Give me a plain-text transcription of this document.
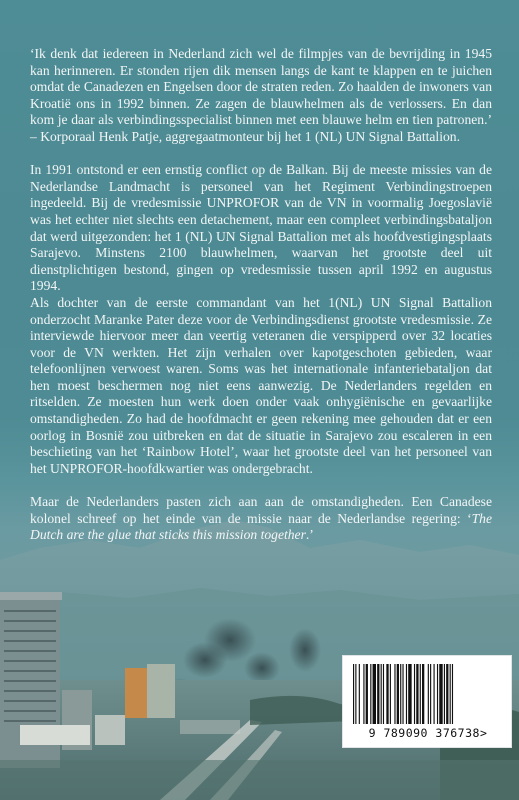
‘Ik denk dat iedereen in Nederland zich wel de filmpjes van de bevrijding in 1945 kan herinneren. Er stonden rijen dik mensen langs de kant te klappen en te juichen omdat de Canadezen en Engelsen door de straten reden. Zo haalden de inwoners van Kroatië ons in 1992 binnen. Ze zagen de blauwhelmen als de verlossers. En dan kom je daar als verbindingsspecialist binnen met een blauwe helm en tien patronen.’ – Korporaal Henk Patje, aggregaatmonteur bij het 1 (NL) UN Signal Battalion.

In 1991 ontstond er een ernstig conflict op de Balkan. Bij de meeste missies van de Nederlandse Landmacht is personeel van het Regiment Verbindingstroepen ingedeeld. Bij de vredesmissie UNPROFOR van de VN in voormalig Joegoslavië was het echter niet slechts een detachement, maar een compleet verbindingsbataljon dat werd uitgezonden: het 1 (NL) UN Signal Battalion met als hoofdvestigingsplaats Sarajevo. Minstens 2100 blauwhelmen, waarvan het grootste deel uit dienstplichtigen bestond, gingen op vredesmissie tussen april 1992 en augustus 1994.

Als dochter van de eerste commandant van het 1(NL) UN Signal Battalion onderzocht Maranke Pater deze voor de Verbindingsdienst grootste vredesmissie. Ze interviewde hiervoor meer dan veertig veteranen die verspipperd over 32 locaties voor de VN werkten. Het zijn verhalen over kapotgeschoten gebieden, waar telefoonlijnen verwoest waren. Soms was het internationale infanteriebataljon dat hen moest beschermen nog niet eens aanwezig. De Nederlanders regelden en ritselden. Ze moesten hun werk doen onder vaak onhygiënische en gevaarlijke omstandigheden. Zo had de hoofdmacht er geen rekening mee gehouden dat er een oorlog in Bosnië zou uitbreken en dat de situatie in Sarajevo zou escaleren in een beschieting van het ‘Rainbow Hotel’, waar het grootste deel van het personeel van het UNPROFOR-hoofdkwartier was ondergebracht.

Maar de Nederlanders pasten zich aan aan de omstandigheden. Een Canadese kolonel schreef op het einde van de missie naar de Nederlandse regering: ‘The Dutch are the glue that sticks this mission together.’

9 789090 376738>
